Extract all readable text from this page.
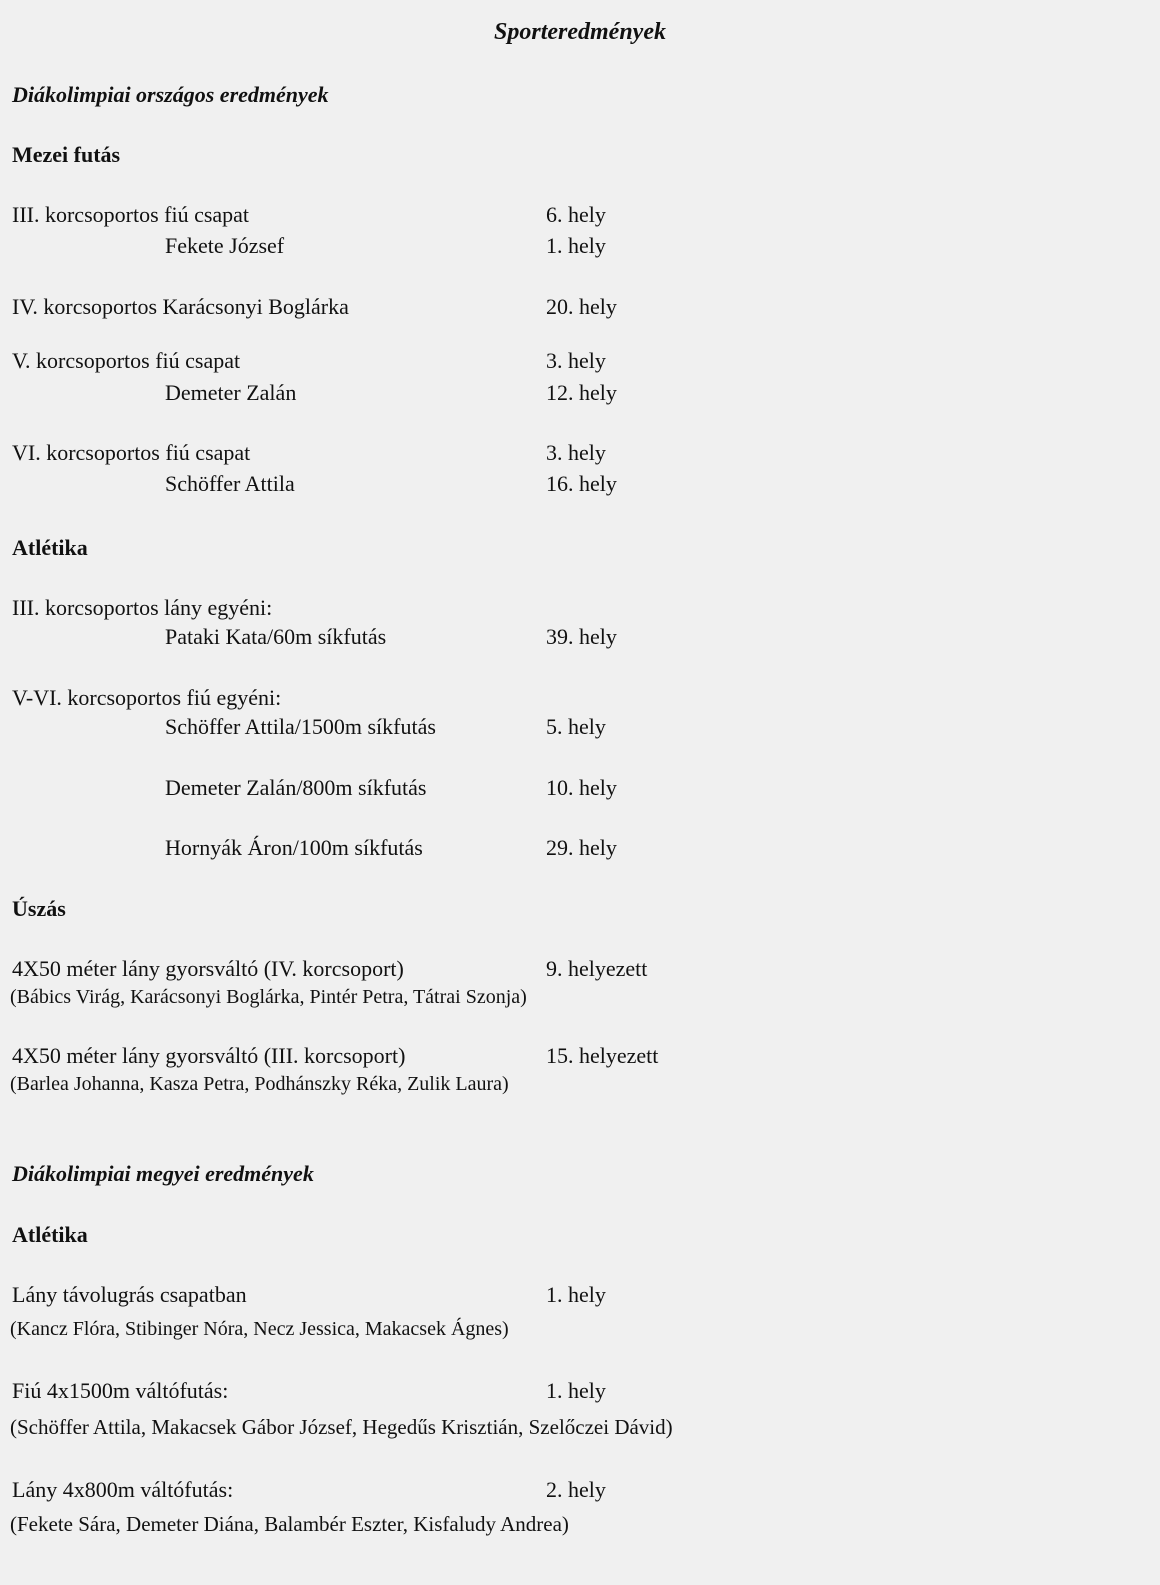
Sporteredmények
Diákolimpiai országos eredmények
Mezei futás
III. korcsoportos fiú csapat	6. hely
Fekete József	1. hely
IV. korcsoportos Karácsonyi Boglárka	20. hely
V. korcsoportos fiú csapat	3. hely
Demeter Zalán	12. hely
VI. korcsoportos fiú csapat	3. hely
Schöffer Attila	16. hely
Atlétika
III. korcsoportos lány egyéni:
Pataki Kata/60m síkfutás	39. hely
V-VI. korcsoportos fiú egyéni:
Schöffer Attila/1500m síkfutás	5. hely
Demeter Zalán/800m síkfutás	10. hely
Hornyák Áron/100m síkfutás	29. hely
Úszás
4X50 méter lány gyorsváltó (IV. korcsoport)	9. helyezett
(Bábics Virág, Karácsonyi Boglárka, Pintér Petra, Tátrai Szonja)
4X50 méter lány gyorsváltó (III. korcsoport)	15. helyezett
(Barlea Johanna, Kasza Petra, Podhánszky Réka, Zulik Laura)
Diákolimpiai megyei eredmények
Atlétika
Lány távolugrás csapatban	1. hely
(Kancz Flóra, Stibinger Nóra, Necz Jessica, Makacsek Ágnes)
Fiú 4x1500m váltófutás:	1. hely
(Schöffer Attila, Makacsek Gábor József, Hegedűs Krisztián, Szelőczei Dávid)
Lány 4x800m váltófutás:	2. hely
(Fekete Sára, Demeter Diána, Balambér Eszter, Kisfaludy Andrea)
